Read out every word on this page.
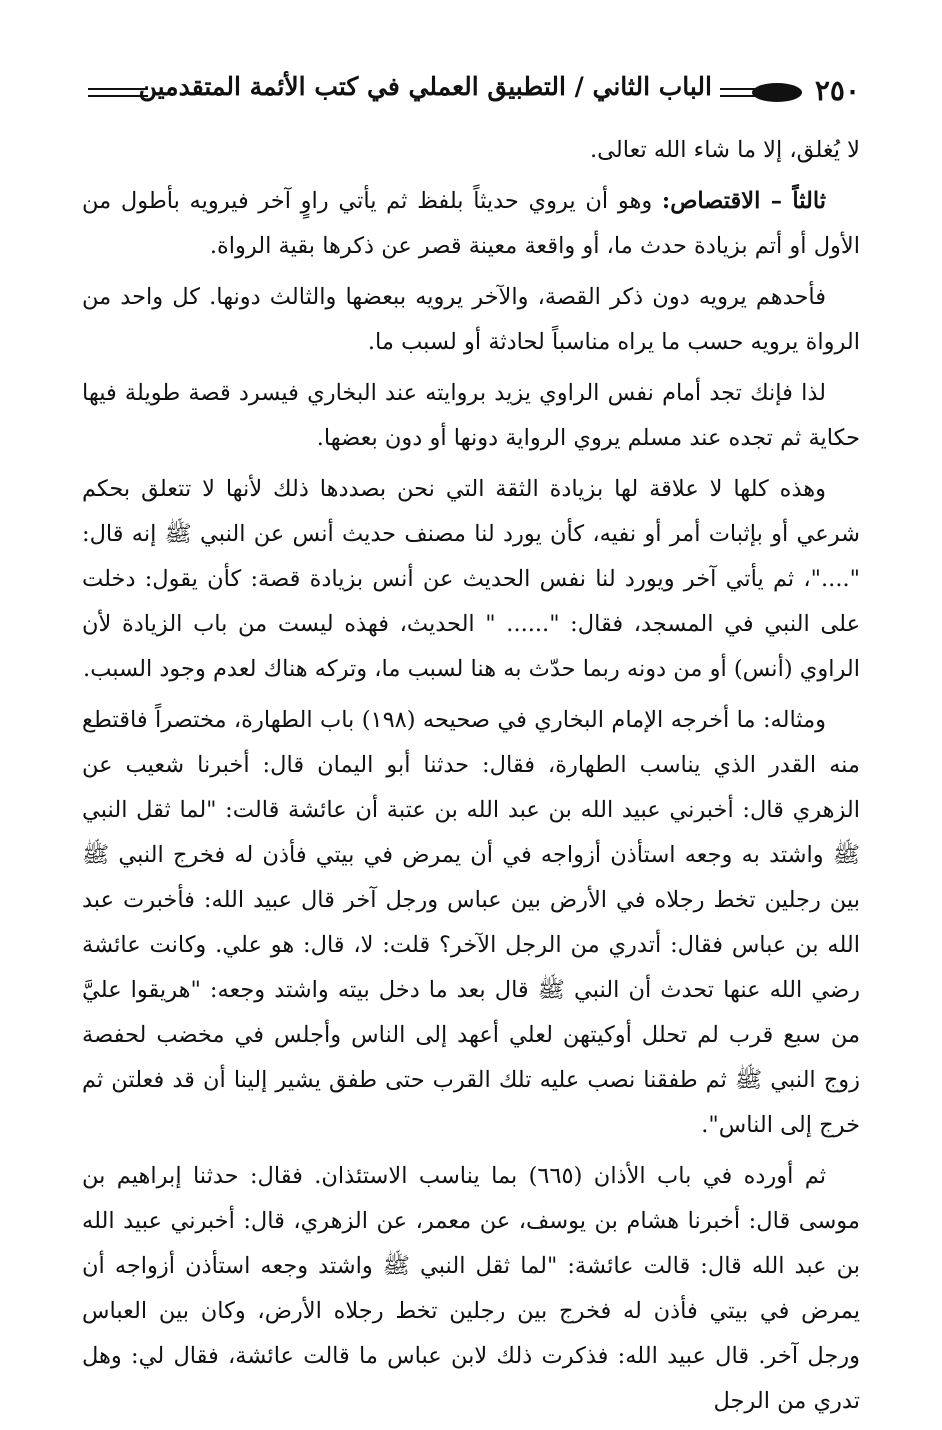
٢٥٠
الباب الثاني / التطبيق العملي في كتب الأئمة المتقدمين

لا يُغلق، إلا ما شاء الله تعالى.

ثالثاً – الاقتصاص: وهو أن يروي حديثاً بلفظ ثم يأتي راوٍ آخر فيرويه بأطول من الأول أو أتم بزيادة حدث ما، أو واقعة معينة قصر عن ذكرها بقية الرواة.

فأحدهم يرويه دون ذكر القصة، والآخر يرويه ببعضها والثالث دونها. كل واحد من الرواة يرويه حسب ما يراه مناسباً لحادثة أو لسبب ما.

لذا فإنك تجد أمام نفس الراوي يزيد بروايته عند البخاري فيسرد قصة طويلة فيها حكاية ثم تجده عند مسلم يروي الرواية دونها أو دون بعضها.

وهذه كلها لا علاقة لها بزيادة الثقة التي نحن بصددها ذلك لأنها لا تتعلق بحكم شرعي أو بإثبات أمر أو نفيه، كأن يورد لنا مصنف حديث أنس عن النبي ﷺ إنه قال: "...."، ثم يأتي آخر ويورد لنا نفس الحديث عن أنس بزيادة قصة: كأن يقول: دخلت على النبي في المسجد، فقال: "...... " الحديث، فهذه ليست من باب الزيادة لأن الراوي (أنس) أو من دونه ربما حدّث به هنا لسبب ما، وتركه هناك لعدم وجود السبب.

ومثاله: ما أخرجه الإمام البخاري في صحيحه (١٩٨) باب الطهارة، مختصراً فاقتطع منه القدر الذي يناسب الطهارة، فقال: حدثنا أبو اليمان قال: أخبرنا شعيب عن الزهري قال: أخبرني عبيد الله بن عبد الله بن عتبة أن عائشة قالت: "لما ثقل النبي ﷺ واشتد به وجعه استأذن أزواجه في أن يمرض في بيتي فأذن له فخرج النبي ﷺ بين رجلين تخط رجلاه في الأرض بين عباس ورجل آخر قال عبيد الله: فأخبرت عبد الله بن عباس فقال: أتدري من الرجل الآخر؟ قلت: لا، قال: هو علي. وكانت عائشة رضي الله عنها تحدث أن النبي ﷺ قال بعد ما دخل بيته واشتد وجعه: "هريقوا عليَّ من سبع قرب لم تحلل أوكيتهن لعلي أعهد إلى الناس وأجلس في مخضب لحفصة زوج النبي ﷺ ثم طفقنا نصب عليه تلك القرب حتى طفق يشير إلينا أن قد فعلتن ثم خرج إلى الناس".

ثم أورده في باب الأذان (٦٦٥) بما يناسب الاستئذان. فقال: حدثنا إبراهيم بن موسى قال: أخبرنا هشام بن يوسف، عن معمر، عن الزهري، قال: أخبرني عبيد الله بن عبد الله قال: قالت عائشة: "لما ثقل النبي ﷺ واشتد وجعه استأذن أزواجه أن يمرض في بيتي فأذن له فخرج بين رجلين تخط رجلاه الأرض، وكان بين العباس ورجل آخر. قال عبيد الله: فذكرت ذلك لابن عباس ما قالت عائشة، فقال لي: وهل تدري من الرجل
